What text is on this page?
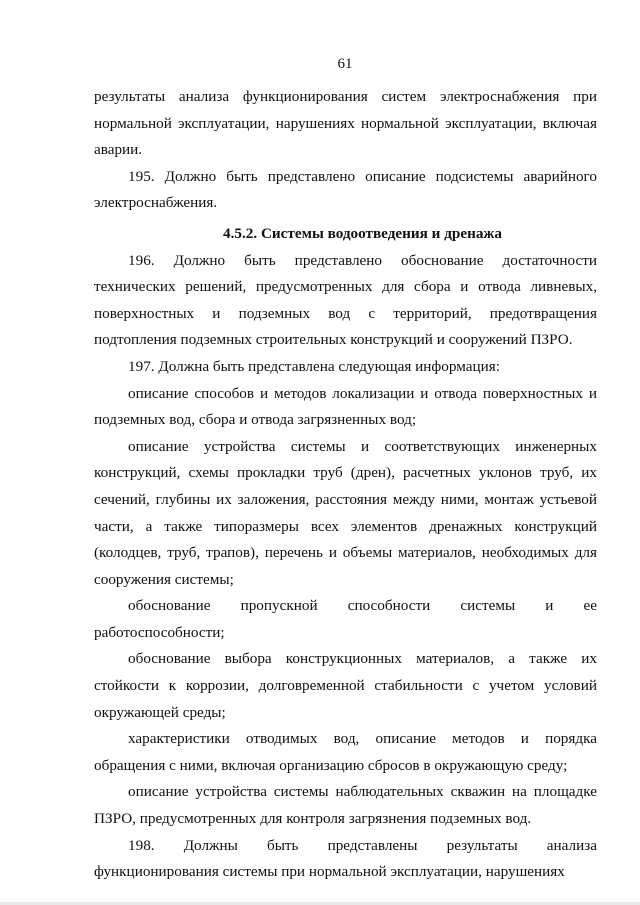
61

результаты анализа функционирования систем электроснабжения при нормальной эксплуатации, нарушениях нормальной эксплуатации, включая аварии.

195. Должно быть представлено описание подсистемы аварийного электроснабжения.

4.5.2. Системы водоотведения и дренажа

196. Должно быть представлено обоснование достаточности технических решений, предусмотренных для сбора и отвода ливневых, поверхностных и подземных вод с территорий, предотвращения подтопления подземных строительных конструкций и сооружений ПЗРО.

197. Должна быть представлена следующая информация:

описание способов и методов локализации и отвода поверхностных и подземных вод, сбора и отвода загрязненных вод;

описание устройства системы и соответствующих инженерных конструкций, схемы прокладки труб (дрен), расчетных уклонов труб, их сечений, глубины их заложения, расстояния между ними, монтаж устьевой части, а также типоразмеры всех элементов дренажных конструкций (колодцев, труб, трапов), перечень и объемы материалов, необходимых для сооружения системы;

обоснование пропускной способности системы и ее работоспособности;

обоснование выбора конструкционных материалов, а также их стойкости к коррозии, долговременной стабильности с учетом условий окружающей среды;

характеристики отводимых вод, описание методов и порядка обращения с ними, включая организацию сбросов в окружающую среду;

описание устройства системы наблюдательных скважин на площадке ПЗРО, предусмотренных для контроля загрязнения подземных вод.

198. Должны быть представлены результаты анализа функционирования системы при нормальной эксплуатации, нарушениях
